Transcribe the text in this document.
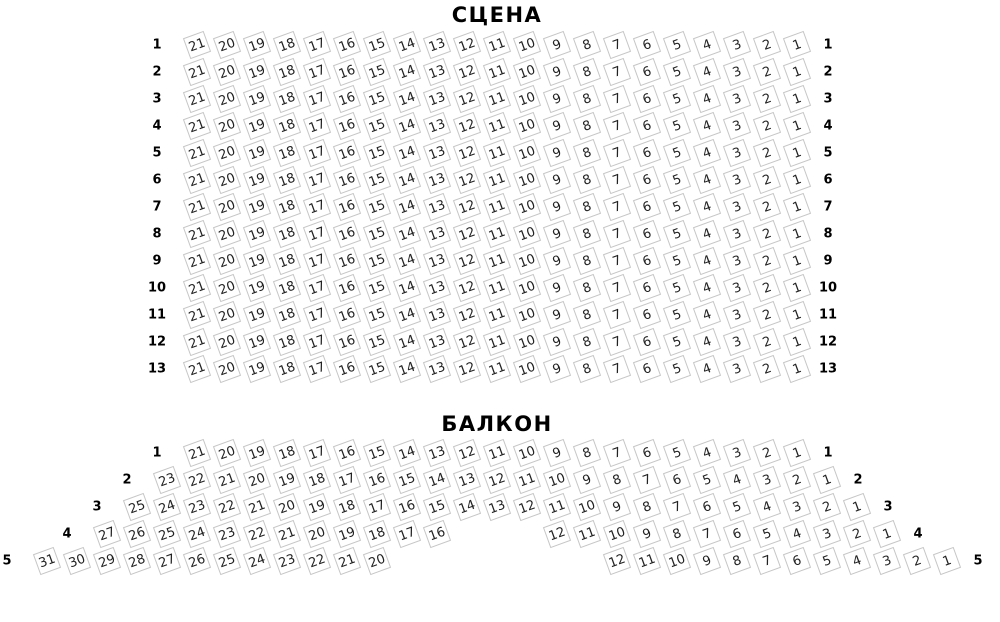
СЦЕНА
1 21 20 19 18 17 16 15 14 13 12 11 10	9	8	7	6	5	4	3	2	1	1
2 21 20 19 18 17 16 15 14 13 12 11 10	9	8	7	6	5	4	3	2	1	2
3 21 20 19 18 17 16 15 14 13 12 11 10	9	8	7	6	5	4	3	2	1	3
4 21 20 19 18 17 16 15 14 13 12 11 10	9	8	7	6	5	4	3	2	1	4
5 21 20 19 18 17 16 15 14 13 12 11 10	9	8	7	6	5	4	3	2	1	5
6 21 20 19 18 17 16 15 14 13 12 11 10	9	8	7	6	5	4	3	2	1	6
7 21 20 19 18 17 16 15 14 13 12 11 10	9	8	7	6	5	4	3	2	1	7
8 21 20 19 18 17 16 15 14 13 12 11 10	9	8	7	6	5	4	3	2	1	8
9 21 20 19 18 17 16 15 14 13 12 11 10	9	8	7	6	5	4	3	2	1	9
10 21 20 19 18 17 16 15 14 13 12 11 10	9	8	7	6	5	4	3	2	1	10
11 21 20 19 18 17 16 15 14 13 12 11 10	9	8	7	6	5	4	3	2	1	11
12 21 20 19 18 17 16 15 14 13 12 11 10	9	8	7	6	5	4	3	2	1	12
13 21 20 19 18 17 16 15 14 13 12 11 10	9	8	7	6	5	4	3	2	1	13
БАЛКОН
1 21 20 19 18 17 16 15 14 13 12 11 10	9	8	7	6	5	4	3	2	1	1
2 23 22 21 20 19 18 17 16 15 14 13 12 11 10	9	8	7	6	5	4	3	2	1	2
3 25 24 23 22 21 20 19 18 17 16 15 14 13 12 11 10	9	8	7	6	5	4	3	2	1	3
4 27 26 25 24 23 22 21 20 19 18 17 16	12 11 10	9	8	7	6	5	4	3	2	1	4
5 31 30 29 28 27 26 25 24 23 22 21 20	12 11 10	9	8	7	6	5	4	3	2	1	5
